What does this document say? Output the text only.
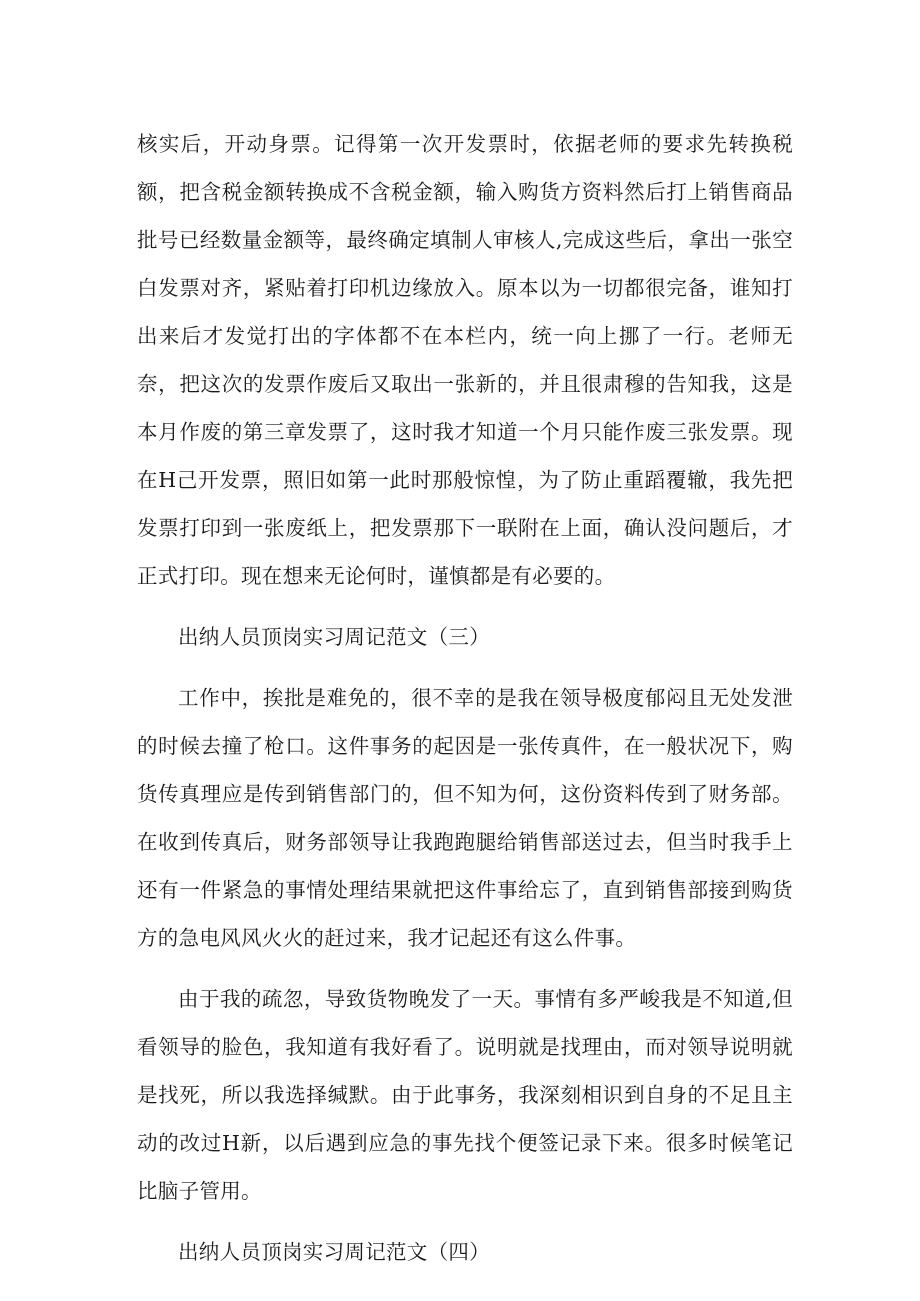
核实后，开动身票。记得第一次开发票时，依据老师的要求先转换税额，把含税金额转换成不含税金额，输入购货方资料然后打上销售商品批号已经数量金额等，最终确定填制人审核人,完成这些后，拿出一张空白发票对齐，紧贴着打印机边缘放入。原本以为一切都很完备，谁知打出来后才发觉打出的字体都不在本栏内，统一向上挪了一行。老师无奈，把这次的发票作废后又取出一张新的，并且很肃穆的告知我，这是本月作废的第三章发票了，这时我才知道一个月只能作废三张发票。现在H己开发票，照旧如第一此时那般惊惶，为了防止重蹈覆辙，我先把发票打印到一张废纸上，把发票那下一联附在上面，确认没问题后，才正式打印。现在想来无论何时，谨慎都是有必要的。

出纳人员顶岗实习周记范文（三）

工作中，挨批是难免的，很不幸的是我在领导极度郁闷且无处发泄的时候去撞了枪口。这件事务的起因是一张传真件，在一般状况下，购货传真理应是传到销售部门的，但不知为何，这份资料传到了财务部。在收到传真后，财务部领导让我跑跑腿给销售部送过去，但当时我手上还有一件紧急的事情处理结果就把这件事给忘了，直到销售部接到购货方的急电风风火火的赶过来，我才记起还有这么件事。

由于我的疏忽，导致货物晚发了一天。事情有多严峻我是不知道,但看领导的脸色，我知道有我好看了。说明就是找理由，而对领导说明就是找死，所以我选择缄默。由于此事务，我深刻相识到自身的不足且主动的改过H新，以后遇到应急的事先找个便签记录下来。很多时候笔记比脑子管用。

出纳人员顶岗实习周记范文（四）
